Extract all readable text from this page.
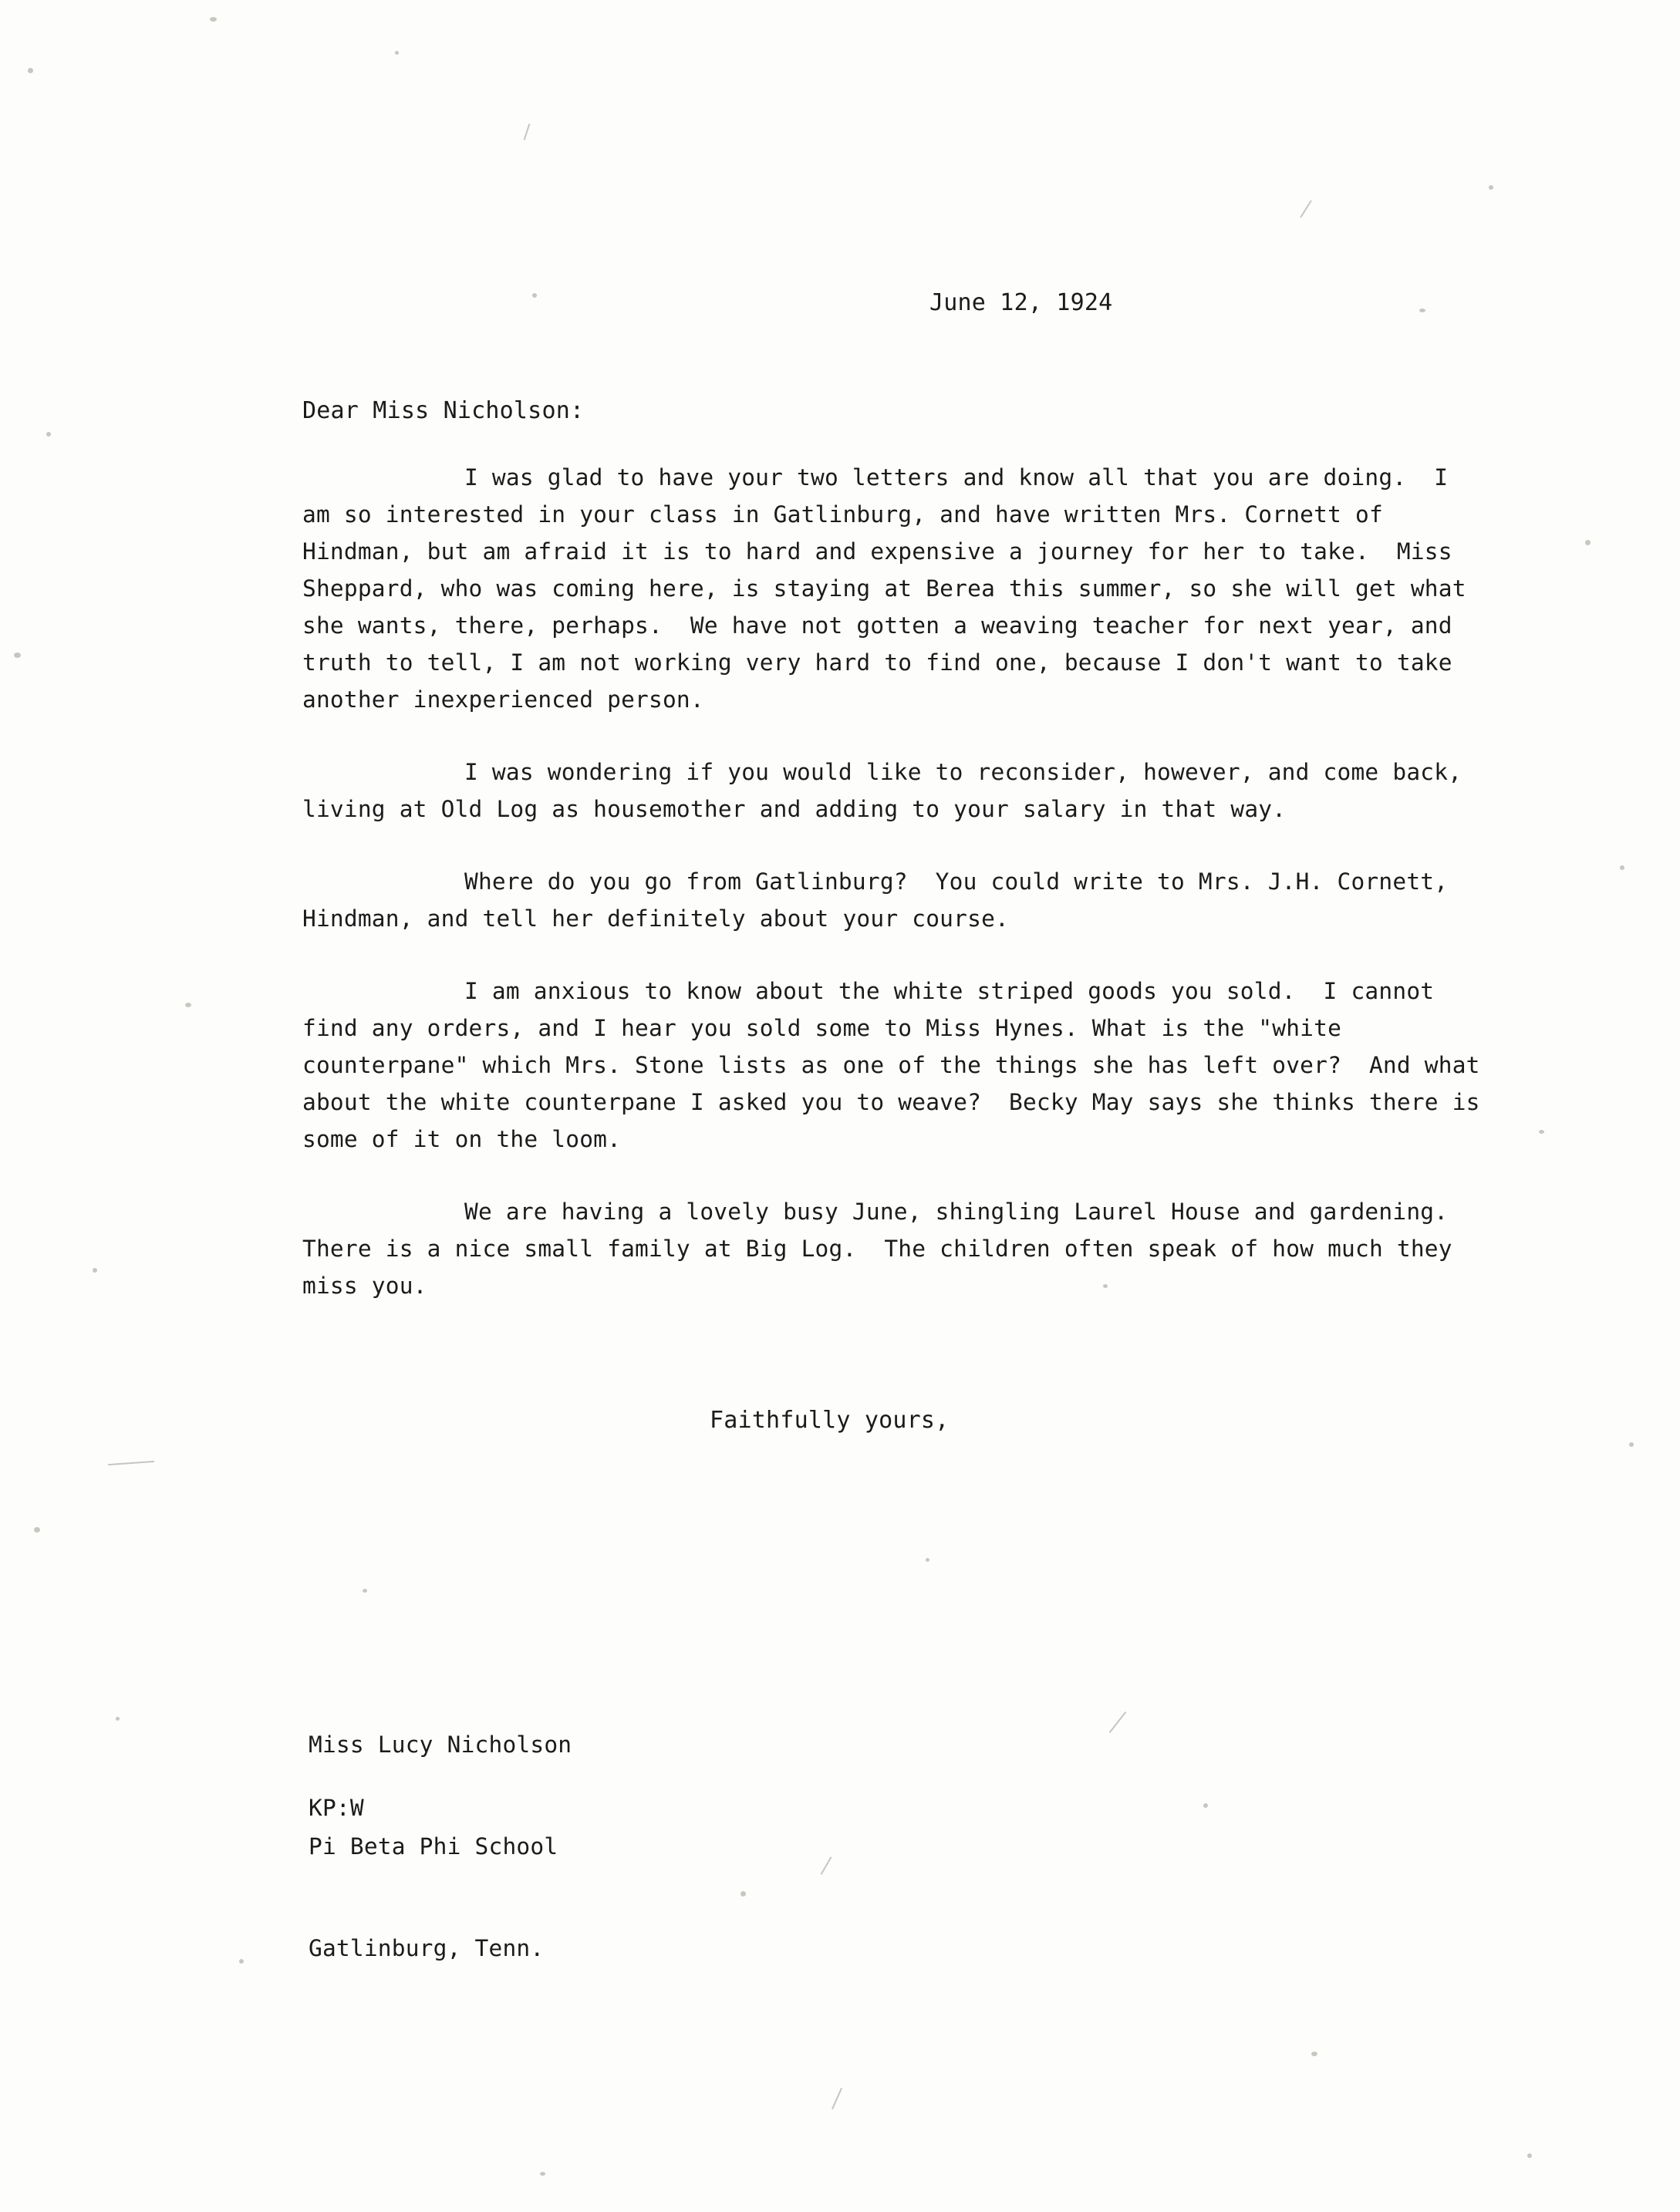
June 12, 1924
Dear Miss Nicholson:

I was glad to have your two letters and know all that you are doing.  I am so interested in your class in Gatlinburg, and have written Mrs. Cornett of Hindman, but am afraid it is to hard and expensive a journey for her to take.  Miss Sheppard, who was coming here, is staying at Berea this summer, so she will get what she wants, there, perhaps.  We have not gotten a weaving teacher for next year, and truth to tell, I am not working very hard to find one, because I don't want to take another inexperienced person.

I was wondering if you would like to reconsider, however, and come back, living at Old Log as housemother and adding to your salary in that way.

Where do you go from Gatlinburg?  You could write to Mrs. J.H. Cornett, Hindman, and tell her definitely about your course.

I am anxious to know about the white striped goods you sold.  I cannot find any orders, and I hear you sold some to Miss Hynes. What is the "white counterpane" which Mrs. Stone lists as one of the things she has left over?  And what about the white counterpane I asked you to weave?  Becky May says she thinks there is some of it on the loom.

We are having a lovely busy June, shingling Laurel House and gardening.  There is a nice small family at Big Log.  The children often speak of how much they miss you.

Faithfully yours,

Miss Lucy Nicholson

Pi Beta Phi School

Gatlinburg, Tenn.

KP:W
